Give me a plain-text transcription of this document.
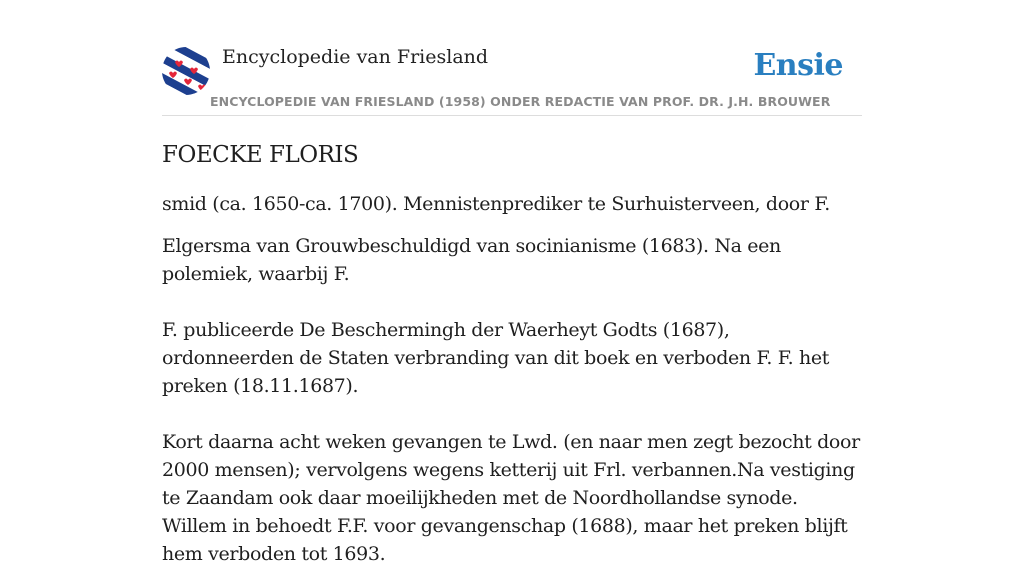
Encyclopedie van Friesland	Ensie
ENCYCLOPEDIE VAN FRIESLAND (1958) ONDER REDACTIE VAN PROF. DR. J.H. BROUWER
FOECKE FLORIS

smid (ca. 1650-ca. 1700). Mennistenprediker te Surhuisterveen, door F.

Elgersma van Grouwbeschuldigd van socinianisme (1683). Na een polemiek, waarbij F.

F. publiceerde De Beschermingh der Waerheyt Godts (1687), ordonneerden de Staten verbranding van dit boek en verboden F. F. het preken (18.11.1687).

Kort daarna acht weken gevangen te Lwd. (en naar men zegt bezocht door 2000 mensen); vervolgens wegens ketterij uit Frl. verbannen.Na vestiging te Zaandam ook daar moeilijkheden met de Noordhollandse synode. Willem in behoedt F.F. voor gevangenschap (1688), maar het preken blijft hem verboden tot 1693.
